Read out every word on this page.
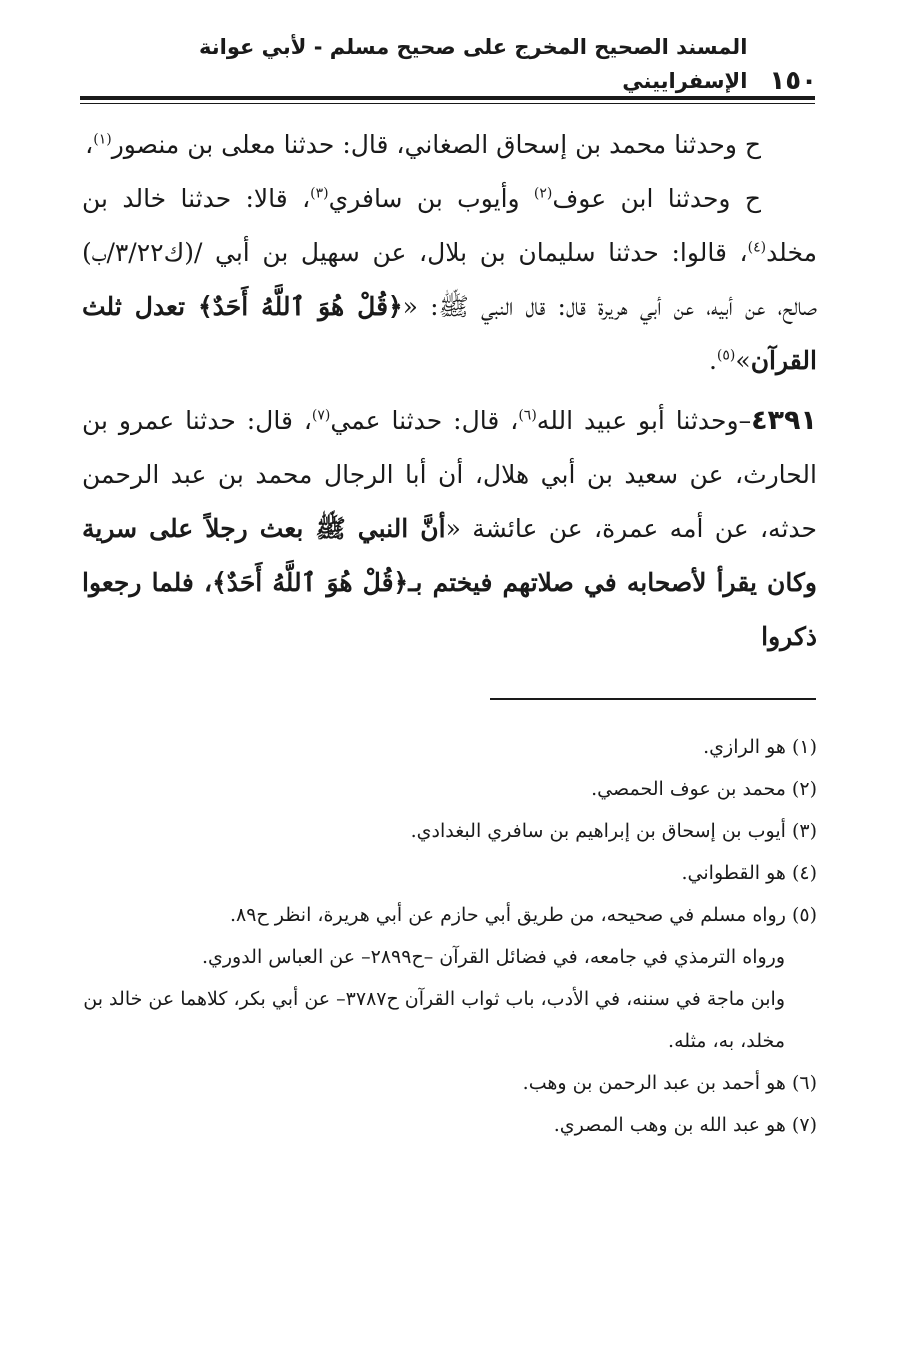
١٥٠
المسند الصحيح المخرج على صحيح مسلم - لأبي عوانة الإسفراييني

ح وحدثنا محمد بن إسحاق الصغاني، قال: حدثنا معلى بن منصور$^{(١)}$،

ح وحدثنا ابن عوف$^{(٢)}$ وأيوب بن سافري$^{(٣)}$، قالا: حدثنا خالد بن مخلد$^{(٤)}$، قالوا: حدثنا سليمان بن بلال، عن سهيل بن أبي /(ك٣/٢٢/ب) صالح، عن أبيه، عن أبي هريرة قال: قال النبي ﷺ: «﴿قُلْ هُوَ ٱللَّهُ أَحَدٌ﴾ تعدل ثلث القرآن»$^{(٥)}$.

٤٣٩١–وحدثنا أبو عبيد الله$^{(٦)}$، قال: حدثنا عمي$^{(٧)}$، قال: حدثنا عمرو بن الحارث، عن سعيد بن أبي هلال، أن أبا الرجال محمد بن عبد الرحمن حدثه، عن أمه عمرة، عن عائشة «أنَّ النبي ﷺ بعث رجلاً على سرية وكان يقرأ لأصحابه في صلاتهم فيختم بـ﴿قُلْ هُوَ ٱللَّهُ أَحَدٌ﴾، فلما رجعوا ذكروا

(١) هو الرازي.

(٢) محمد بن عوف الحمصي.

(٣) أيوب بن إسحاق بن إبراهيم بن سافري البغدادي.

(٤) هو القطواني.

(٥) رواه مسلم في صحيحه، من طريق أبي حازم عن أبي هريرة، انظر ح٨٩.

ورواه الترمذي في جامعه، في فضائل القرآن –ح٢٨٩٩– عن العباس الدوري.

وابن ماجة في سننه، في الأدب، باب ثواب القرآن ح٣٧٨٧– عن أبي بكر، كلاهما عن خالد بن مخلد، به، مثله.

(٦) هو أحمد بن عبد الرحمن بن وهب.

(٧) هو عبد الله بن وهب المصري.
